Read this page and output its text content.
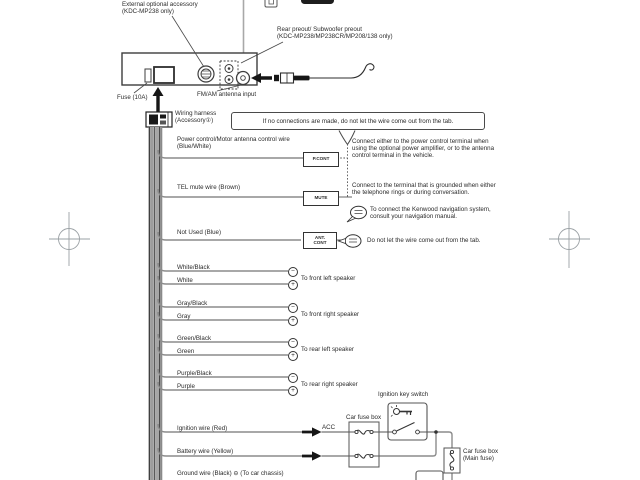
External optional accessory
(KDC-MP238 only)
Rear preout/ Subwoofer preout
(KDC-MP238/MP238CR/MP208/138 only)
Fuse (10A)	FM/AM antenna input
Wiring harness
(Accessory①)	If no connections are made, do not let the wire come out from the tab.
Power control/Motor antenna control wire
(Blue/White)
P.CONT
Connect either to the power control terminal when using the optional power amplifier, or to the antenna control terminal in the vehicle.
TEL mute wire (Brown)
MUTE
Connect to the terminal that is grounded when either the telephone rings or during conversation.
To connect the Kenwood navigation system, consult your navigation manual.
Not Used (Blue)
ANT. CONT	Do not let the wire come out from the tab.
White/Black
White
−
+
To front left speaker
Gray/Black
Gray
−
+
To front right speaker
Green/Black
Green
−
+
To rear left speaker
Purple/Black
Purple
−
+
To rear right speaker
Ignition wire (Red)	ACC
Battery wire (Yellow)
Ground wire (Black) ⊖ (To car chassis)
Ignition key switch
Car fuse box
Car fuse box
(Main fuse)
